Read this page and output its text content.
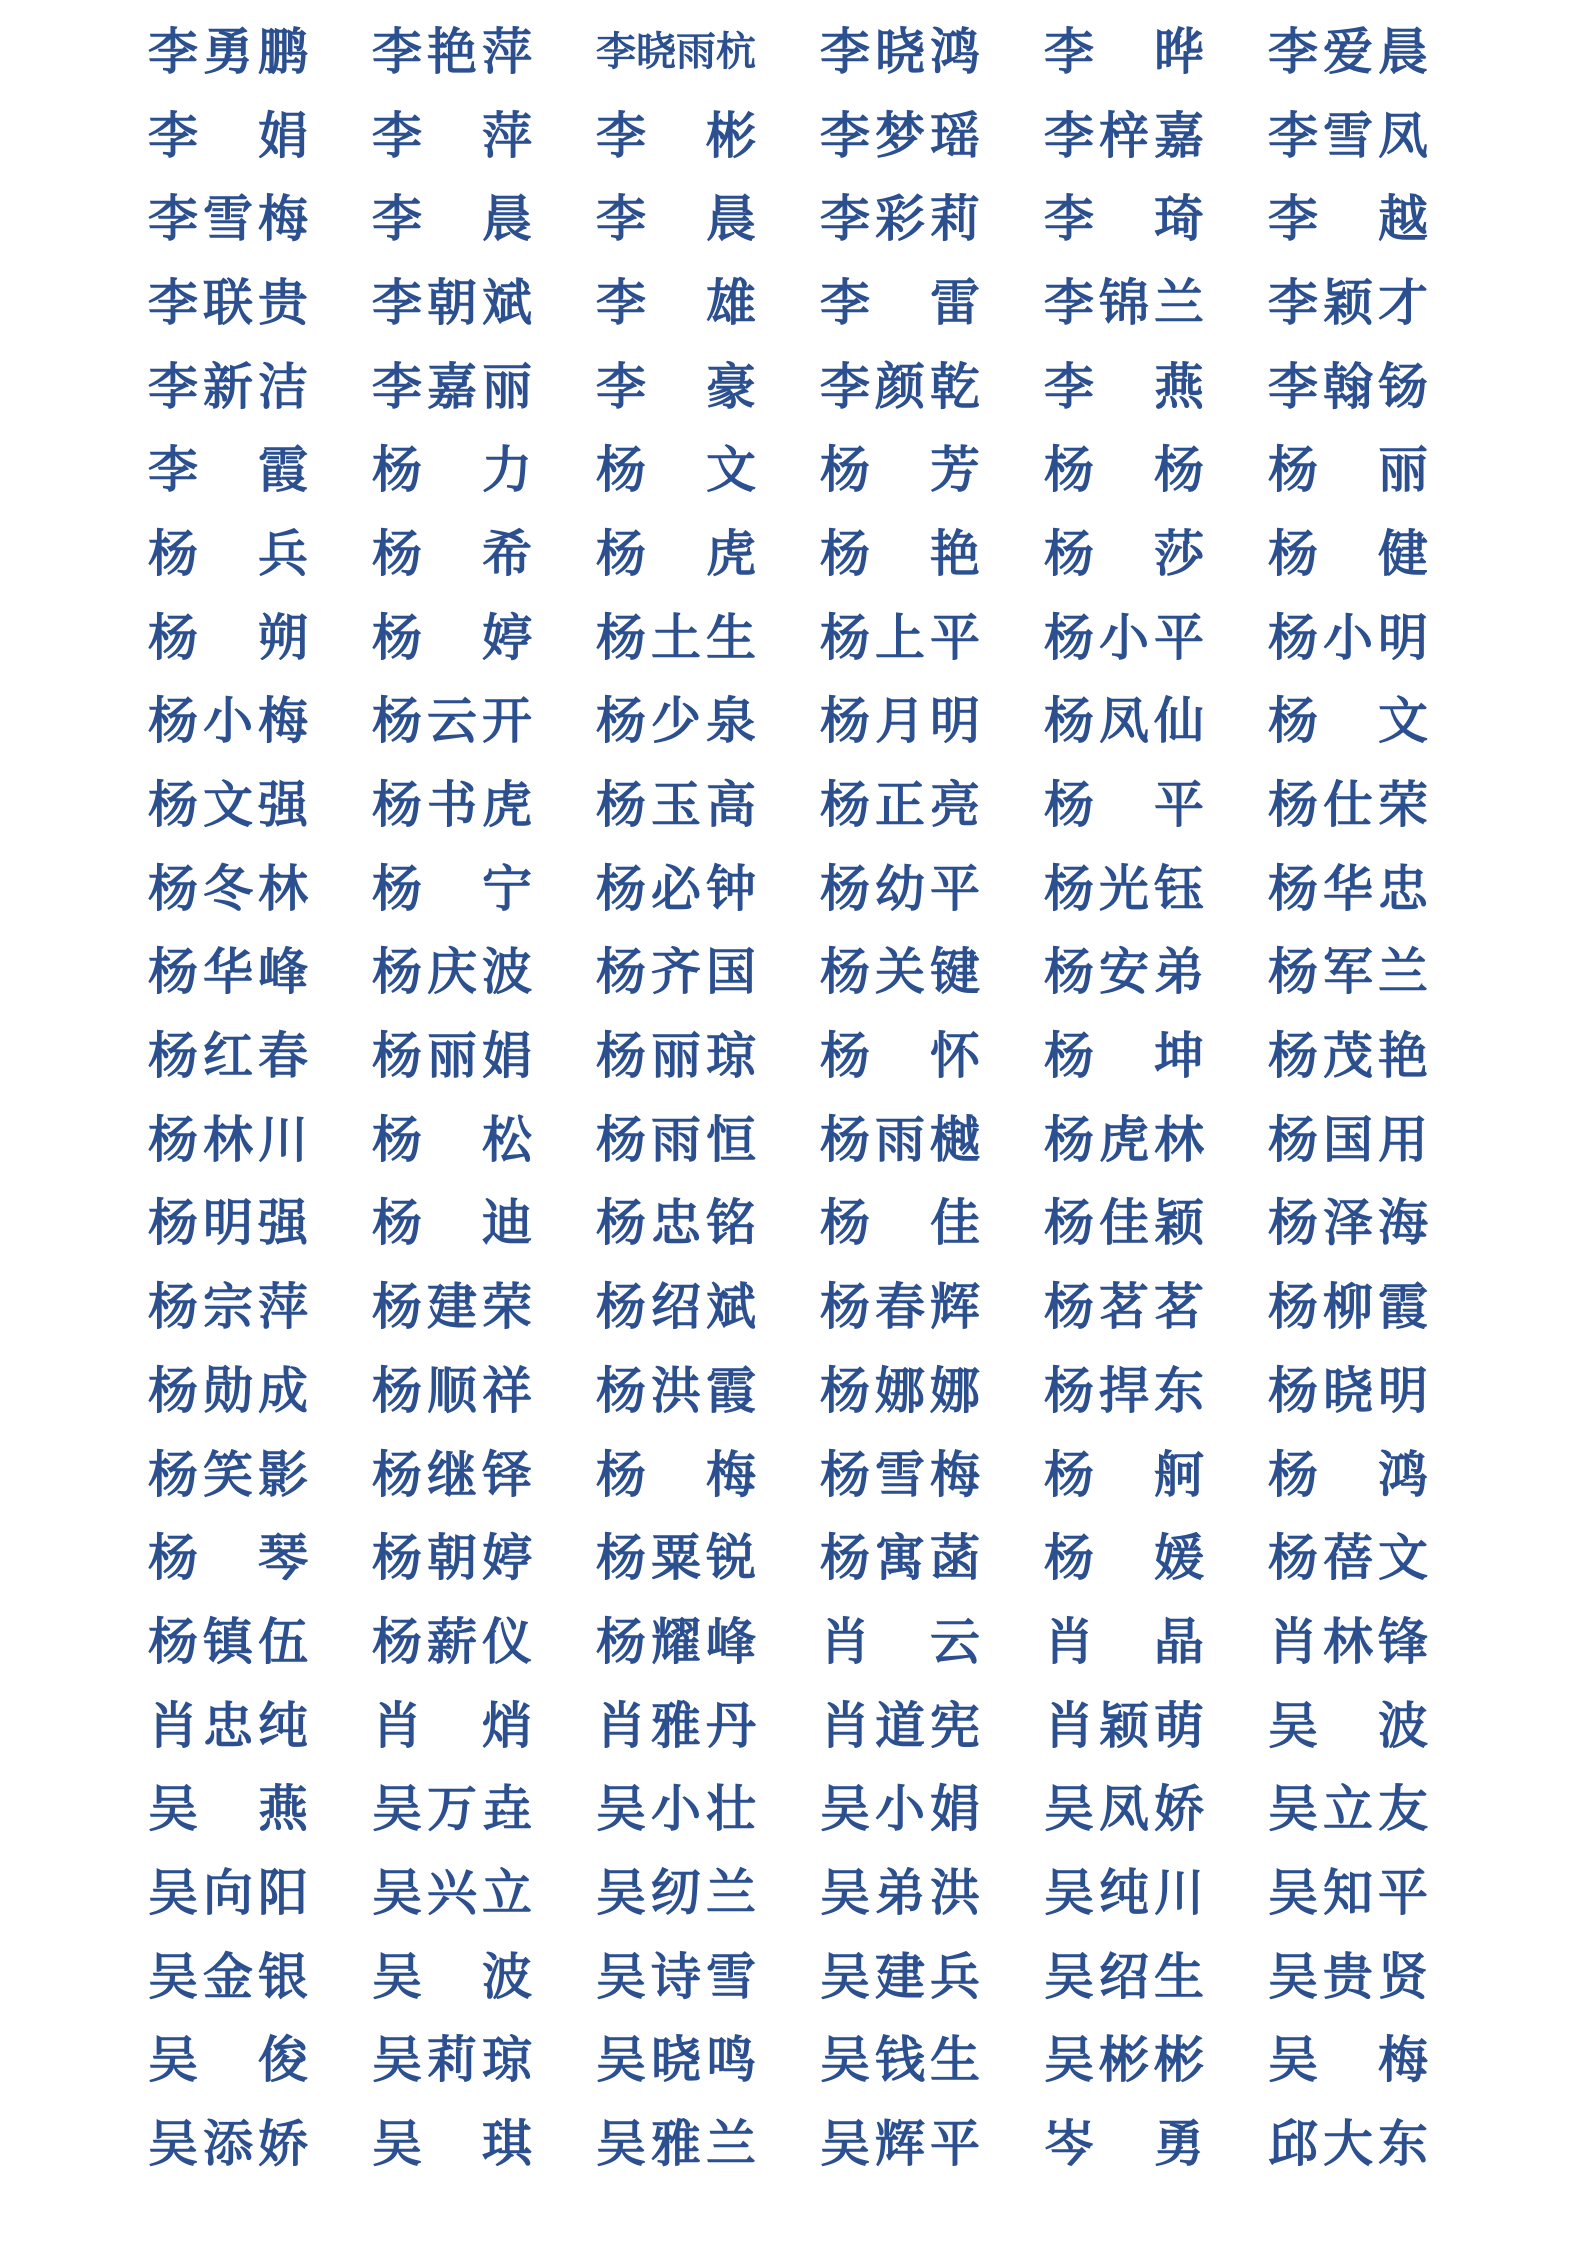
李 勇 鹏 李 艳 萍 李 晓 雨 杭 李 晓 鸿 李 晔 李 爱 晨
李 娟 李 萍 李 彬 李 梦 瑶 李 梓 嘉 李 雪 凤
李 雪 梅 李 晨 李 晨 李 彩 莉 李 琦 李 越
李 联 贵 李 朝 斌 李 雄 李 雷 李 锦 兰 李 颖 才
李 新 洁 李 嘉 丽 李 豪 李 颜 乾 李 燕 李 翰 钖
李 霞 杨 力 杨 文 杨 芳 杨 杨 杨 丽
杨 兵 杨 希 杨 虎 杨 艳 杨 莎 杨 健
杨 朔 杨 婷 杨 土 生 杨 上 平 杨 小 平 杨 小 明
杨 小 梅 杨 云 开 杨 少 泉 杨 月 明 杨 凤 仙 杨 文
杨 文 强 杨 书 虎 杨 玉 高 杨 正 亮 杨 平 杨 仕 荣
杨 冬 林 杨 宁 杨 必 钟 杨 幼 平 杨 光 钰 杨 华 忠
杨 华 峰 杨 庆 波 杨 齐 国 杨 关 键 杨 安 弟 杨 军 兰
杨 红 春 杨 丽 娟 杨 丽 琼 杨 怀 杨 坤 杨 茂 艳
杨 林 川 杨 松 杨 雨 恒 杨 雨 樾 杨 虎 林 杨 国 用
杨 明 强 杨 迪 杨 忠 铭 杨 佳 杨 佳 颖 杨 泽 海
杨 宗 萍 杨 建 荣 杨 绍 斌 杨 春 辉 杨 茗 茗 杨 柳 霞
杨 勋 成 杨 顺 祥 杨 洪 霞 杨 娜 娜 杨 捍 东 杨 晓 明
杨 笑 影 杨 继 铎 杨 梅 杨 雪 梅 杨 舸 杨 鸿
杨 琴 杨 朝 婷 杨 粟 锐 杨 寓 菡 杨 媛 杨 蓓 文
杨 镇 伍 杨 薪 仪 杨 耀 峰 肖 云 肖 晶 肖 林 锋
肖 忠 纯 肖 焇 肖 雅 丹 肖 道 宪 肖 颖 萌 吴 波
吴 燕 吴 万 垚 吴 小 壮 吴 小 娟 吴 凤 娇 吴 立 友
吴 向 阳 吴 兴 立 吴 纫 兰 吴 弟 洪 吴 纯 川 吴 知 平
吴 金 银 吴 波 吴 诗 雪 吴 建 兵 吴 绍 生 吴 贵 贤
吴 俊 吴 莉 琼 吴 晓 鸣 吴 钱 生 吴 彬 彬 吴 梅
吴 添 娇 吴 琪 吴 雅 兰 吴 辉 平 岑 勇 邱 大 东
